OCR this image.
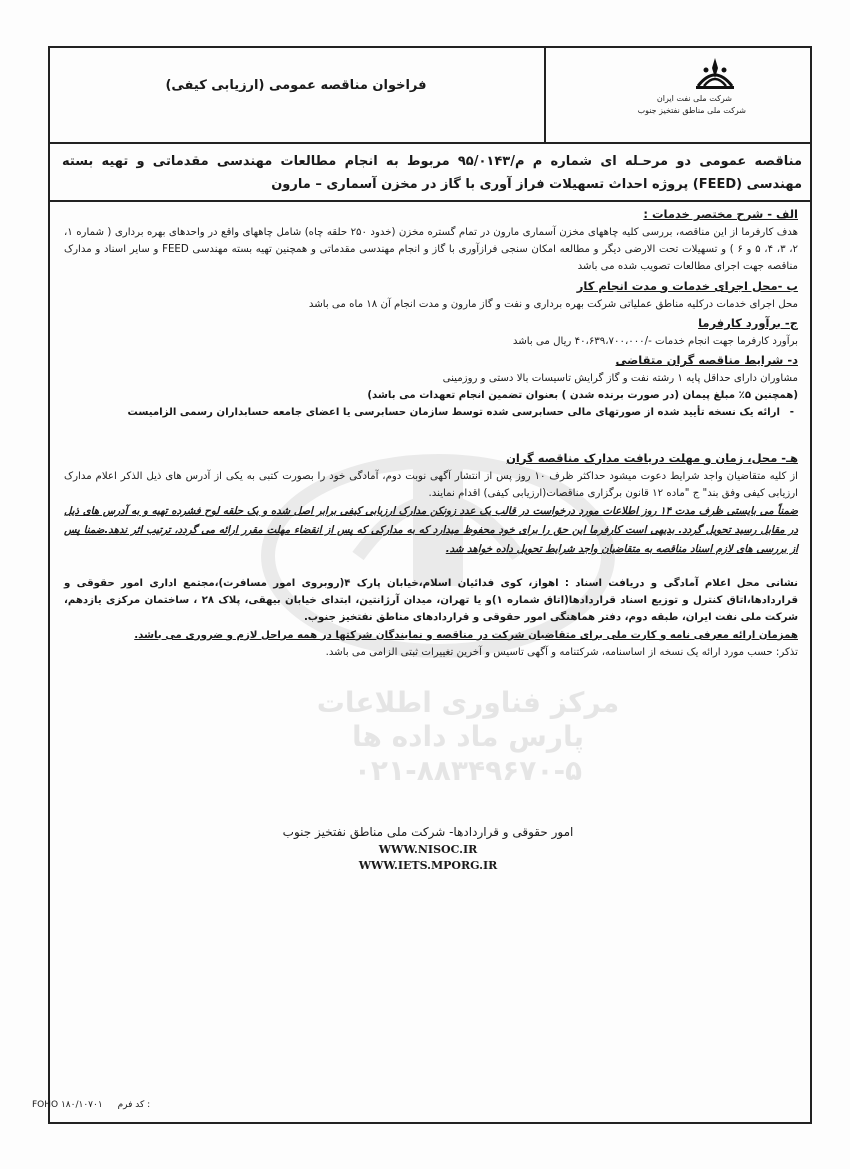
مرکز فناوری اطلاعات پارس ماد داده ها
۰۲۱-۸۸۳۴۹۶۷۰-۵
شرکت ملی نفت ایران
شرکت ملی مناطق نفتخیز جنوب
فراخوان مناقصه عمومی (ارزیابی کیفی)
مناقصه عمومی دو مرحـله ای شماره م م/۹۵/۰۱۴۳ مربوط به انجام مطالعات مهندسی مقدماتی و تهیه بسته مهندسی (FEED) پروژه احداث تسهیلات فراز آوری با گاز در مخزن آسماری – مارون
الف - شرح مختصر خدمات :

هدف کارفرما از این مناقصه، بررسی کلیه چاههای مخزن آسماری مارون در تمام گستره مخزن (خدود ۲۵۰ حلقه چاه) شامل چاههای واقع در واحدهای بهره برداری ( شماره ۱، ۲، ۳، ۴، ۵ و ۶ ) و تسهیلات تحت الارضی دیگر و مطالعه امکان سنجی فرازآوری با گاز و انجام مهندسی مقدماتی و همچنین تهیه بسته مهندسی FEED و سایر اسناد و مدارک مناقصه جهت اجرای مطالعات تصویب شده می باشد

ب -محل اجرای خدمات و مدت انجام کار

محل اجرای خدمات درکلیه مناطق عملیاتی شرکت بهره برداری و نفت و گاز مارون و مدت انجام آن ۱۸ ماه می باشد

ج- برآورد کارفرما

برآورد کارفرما جهت انجام خدمات -/۴۰،۶۳۹،۷۰۰،۰۰۰ ریال می باشد

د- شرایط مناقصه گران متقاضی

مشاوران دارای حداقل پایه ۱ رشته نفت و گاز گرایش تاسیسات بالا دستی و روزمینی

(همچنین ۵٪ مبلغ پیمان (در صورت برنده شدن ) بعنوان تضمین انجام تعهدات می باشد)

- ارائه یک نسخه تأیید شده از صورتهای مالی حسابرسی شده توسط سازمان حسابرسی یا اعضای جامعه حسابداران رسمی الزامیست

هـ- محل، زمان و مهلت دریافت مدارک مناقصه گران

از کلیه متقاضیان واجد شرایط دعوت میشود حداکثر ظرف ۱۰ روز پس از انتشار آگهی نوبت دوم، آمادگی خود را بصورت کتبی به یکی از آدرس های ذیل الذکر اعلام مدارک ارزیابی کیفی وفق بند" ج "ماده ۱۲ قانون برگزاری مناقصات(ارزیابی کیفی) اقدام نمایند.

ضمناً می بایستی ظرف مدت ۱۴ روز اطلاعات مورد درخواست در قالب یک عدد زونکن مدارک ارزیابی کیفی برابر اصل شده و یک حلقه لوح فشرده تهیه و به آدرس های ذیل در مقابل رسید تحویل گردد. بدیهی است کارفرما این حق را برای خود محفوظ میدارد که به مدارکی که پس از انقضاء مهلت مقرر ارائه می گردد، ترتیب اثر ندهد.ضمنا پس از بررسی های لازم اسناد مناقصه به متقاضیان واجد شرایط تحویل داده خواهد شد.

نشانی محل اعلام آمادگی و دریافت اسناد : اهواز، کوی فدائیان اسلام،خیابان پارک ۴(روبروی امور مسافرت)،مجتمع اداری امور حقوقی و قراردادها،اتاق کنترل و توزیع اسناد قراردادها(اتاق شماره ۱)و یا تهران، میدان آرژانتین، ابتدای خیابان بیهقی، پلاک ۲۸ ، ساختمان مرکزی یازدهم، شرکت ملی نفت ایران، طبقه دوم، دفتر هماهنگی امور حقوقی و قراردادهای مناطق نفتخیز جنوب.

همزمان ارائه معرفی نامه و کارت ملی برای متقاضیان شرکت در مناقصه و نمایندگان شرکتها در همه مراحل لازم و ضروری می باشد.

تذکر: حسب مورد ارائه یک نسخه از اساسنامه، شرکتنامه و آگهی تاسیس و آخرین تغییرات ثبتی الزامی می باشد.

امور حقوقی و قراردادها- شرکت ملی مناطق نفتخیز جنوب
WWW.NISOC.IR
WWW.IETS.MPORG.IR
FOHO ۱۸۰/۱۰۷۰۱ کد فرم :
